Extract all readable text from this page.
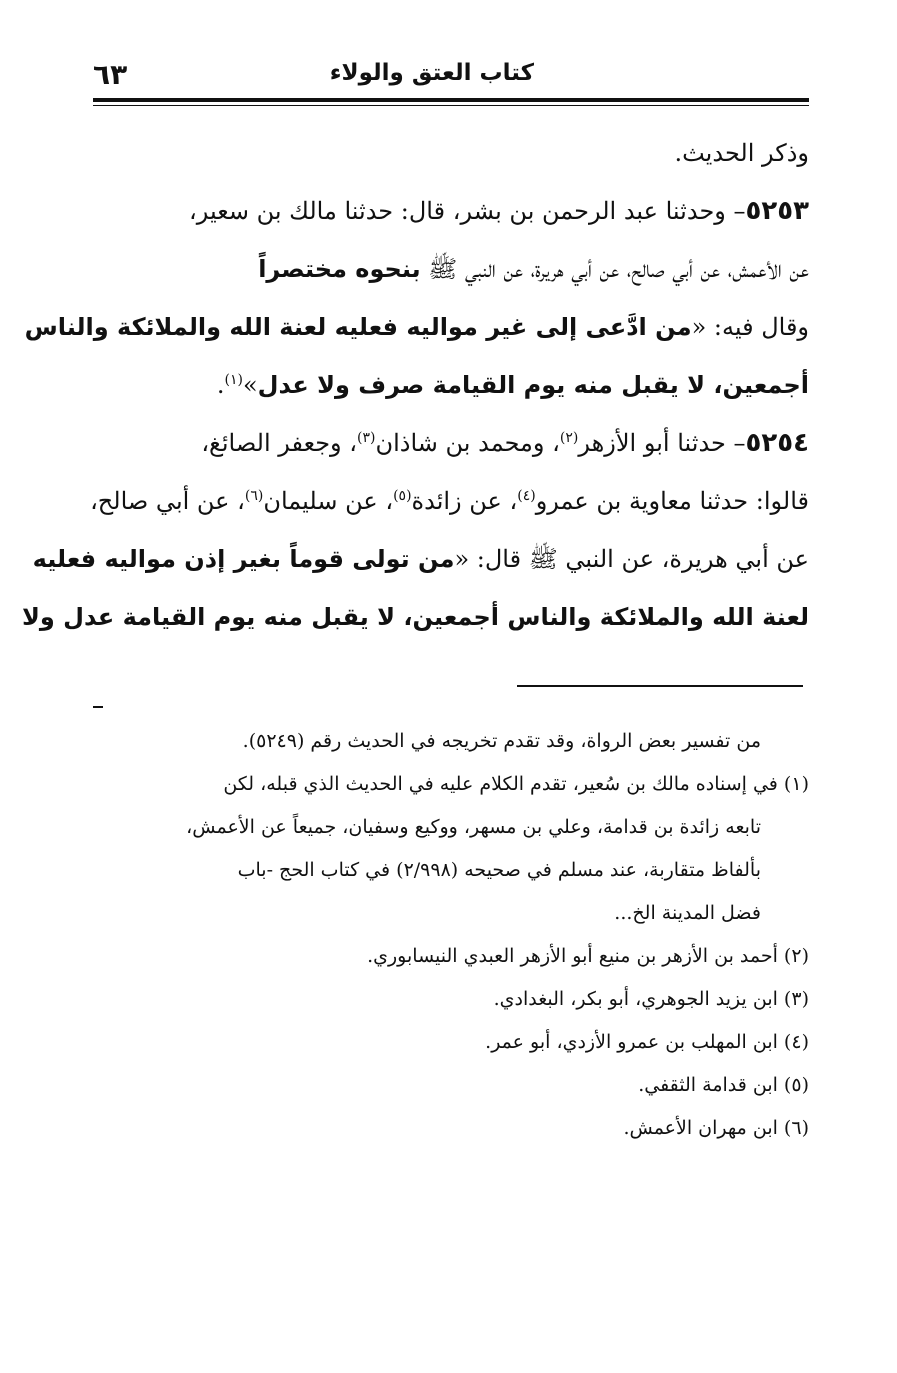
كتاب العتق والولاء
٦٣
وذكر الحديث.
٥٢٥٣– وحدثنا عبد الرحمن بن بشر، قال: حدثنا مالك بن سعير،
عن الأعمش، عن أبي صالح، عن أبي هريرة، عن النبي ﷺ بنحوه مختصراً
وقال فيه: «من ادَّعى إلى غير مواليه فعليه لعنة الله والملائكة والناس
أجمعين، لا يقبل منه يوم القيامة صرف ولا عدل»$^{(١)}$.
٥٢٥٤– حدثنا أبو الأزهر$^{(٢)}$، ومحمد بن شاذان$^{(٣)}$، وجعفر الصائغ،
قالوا: حدثنا معاوية بن عمرو$^{(٤)}$، عن زائدة$^{(٥)}$، عن سليمان$^{(٦)}$، عن أبي صالح،
عن أبي هريرة، عن النبي ﷺ قال: «من تولى قوماً بغير إذن مواليه فعليه
لعنة الله والملائكة والناس أجمعين، لا يقبل منه يوم القيامة عدل ولا
من تفسير بعض الرواة، وقد تقدم تخريجه في الحديث رقم (٥٢٤٩).
(١) في إسناده مالك بن سُعير، تقدم الكلام عليه في الحديث الذي قبله، لكن
تابعه زائدة بن قدامة، وعلي بن مسهر، ووكيع وسفيان، جميعاً عن الأعمش،
بألفاظ متقاربة، عند مسلم في صحيحه (٢/٩٩٨) في كتاب الحج -باب
فضل المدينة الخ...
(٢) أحمد بن الأزهر بن منيع أبو الأزهر العبدي النيسابوري.
(٣) ابن يزيد الجوهري، أبو بكر، البغدادي.
(٤) ابن المهلب بن عمرو الأزدي، أبو عمر.
(٥) ابن قدامة الثقفي.
(٦) ابن مهران الأعمش.
